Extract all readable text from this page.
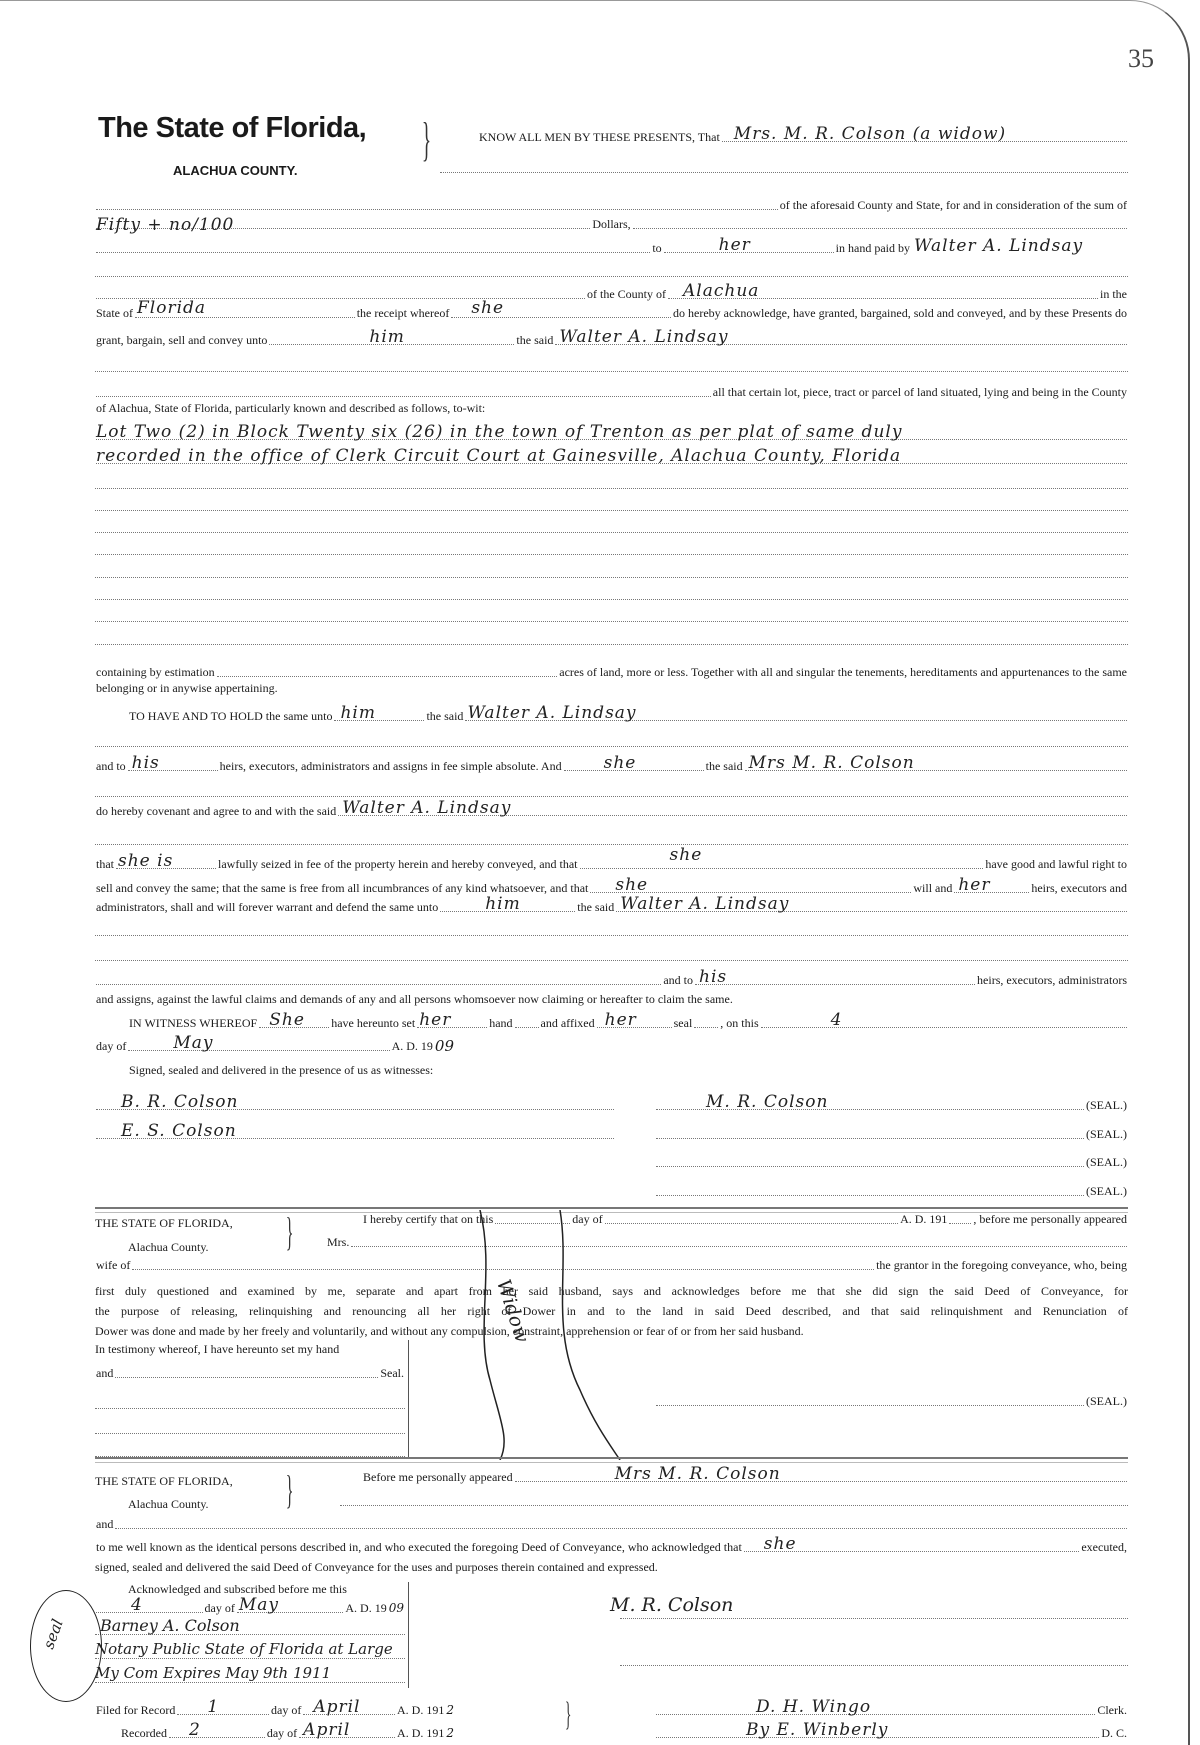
35
The State of Florida,
ALACHUA COUNTY.
}	KNOW ALL MEN BY THESE PRESENTS, That Mrs. M. R. Colson (a widow)
of the aforesaid County and State, for and in consideration of the sum of
Fifty + no/100	Dollars,
to	her	in hand paid by Walter A. Lindsay
of the County of Alachua	in the
State of Florida	the receipt whereof she	do hereby acknowledge, have granted, bargained, sold and conveyed, and by these Presents do
grant, bargain, sell and convey unto	him	the said Walter A. Lindsay
all that certain lot, piece, tract or parcel of land situated, lying and being in the County
of Alachua, State of Florida, particularly known and described as follows, to-wit:
Lot Two (2) in Block Twenty six (26) in the town of Trenton as per plat of same duly
recorded in the office of Clerk Circuit Court at Gainesville, Alachua County, Florida
containing by estimation	acres of land, more or less. Together with all and singular the tenements, hereditaments and appurtenances to the same
belonging or in anywise appertaining.
TO HAVE AND TO HOLD the same unto him	the said Walter A. Lindsay
and to his	heirs, executors, administrators and assigns in fee simple absolute. And she	the said Mrs M. R. Colson
do hereby covenant and agree to and with the said Walter A. Lindsay
that she is	lawfully seized in fee of the property herein and hereby conveyed, and that	she	have good and lawful right to
sell and convey the same; that the same is free from all incumbrances of any kind whatsoever, and that she	will and her	heirs, executors and
administrators, shall and will forever warrant and defend the same unto	him	the said Walter A. Lindsay
and to his	heirs, executors, administrators
and assigns, against the lawful claims and demands of any and all persons whomsoever now claiming or hereafter to claim the same.
IN WITNESS WHEREOF She have hereunto set her	hand and affixed her	seal , on this	4
day of	May	A. D. 19 09
Signed, sealed and delivered in the presence of us as witnesses:
B. R. Colson
E. S. Colson
M. R. Colson	(SEAL.)
(SEAL.)
(SEAL.)
(SEAL.)
THE STATE OF FLORIDA,
Alachua County. }	I hereby certify that on this	day of	A. D. 191 , before me personally appeared
Mrs.
wife of	the grantor in the foregoing conveyance, who, being
first duly questioned and examined by me, separate and apart from her said husband, says and acknowledges before me that she did sign the said Deed of Conveyance, for
the purpose of releasing, relinquishing and renouncing all her right of Dower in and to the land in said Deed described, and that said relinquishment and Renunciation of
Dower was done and made by her freely and voluntarily, and without any compulsion, constraint, apprehension or fear of or from her said husband.
In testimony whereof, I have hereunto set my hand
and	Seal.
(SEAL.)
Widow
THE STATE OF FLORIDA,
Alachua County. }	Before me personally appeared	Mrs M. R. Colson
and
to me well known as the identical persons described in, and who executed the foregoing Deed of Conveyance, who acknowledged that she	executed,
signed, sealed and delivered the said Deed of Conveyance for the uses and purposes therein contained and expressed.
Acknowledged and subscribed before me this
4	day of May	A. D. 19 09
Barney A. Colson
Notary Public State of Florida at Large
My Com Expires May 9th 1911
seal
M. R. Colson
Filed for Record 1	day of April	A. D. 191 2
Recorded 2	day of April	A. D. 191 2	}	D. H. Wingo	Clerk.
By E. Winberly	D. C.
